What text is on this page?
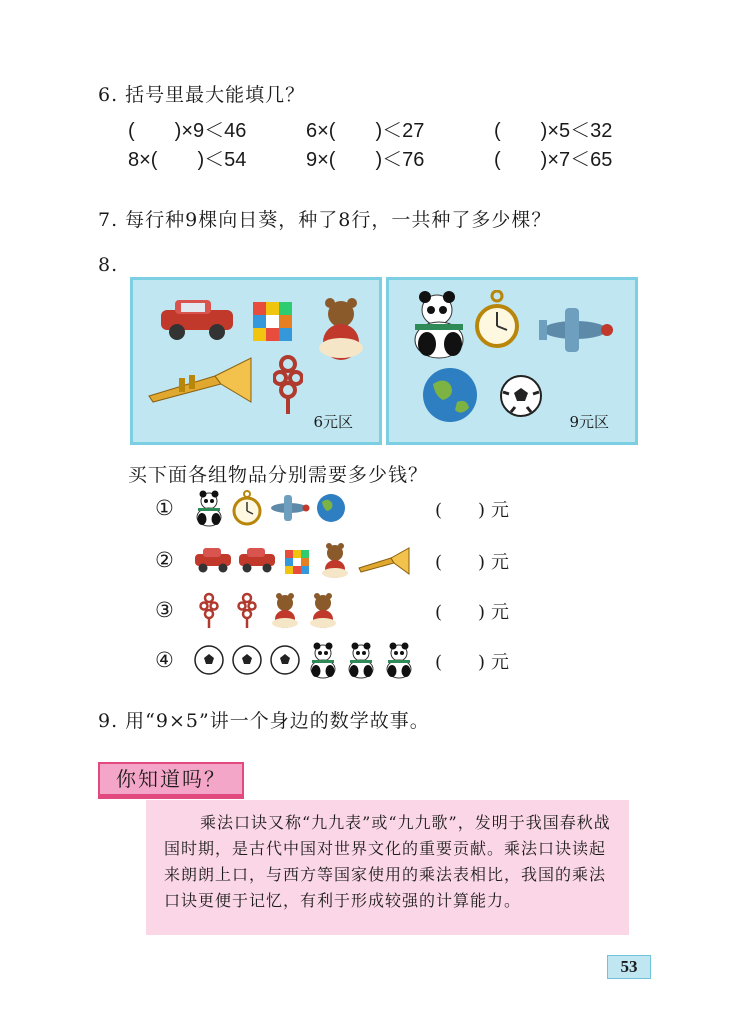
6. 括号里最大能填几？
(　　)×9＜46	6×(　　)＜27	(　　)×5＜32
8×(　　)＜54	9×(　　)＜76	(　　)×7＜65
7. 每行种9棵向日葵，种了8行，一共种了多少棵？
8.
6元区	9元区
买下面各组物品分别需要多少钱？
①	(　　) 元
②	(　　) 元
③	(　　) 元
④	(　　) 元
9. 用“9×5”讲一个身边的数学故事。
你知道吗？
乘法口诀又称“九九表”或“九九歌”，发明于我国春秋战国时期，是古代中国对世界文化的重要贡献。乘法口诀读起来朗朗上口，与西方等国家使用的乘法表相比，我国的乘法口诀更便于记忆，有利于形成较强的计算能力。
53
